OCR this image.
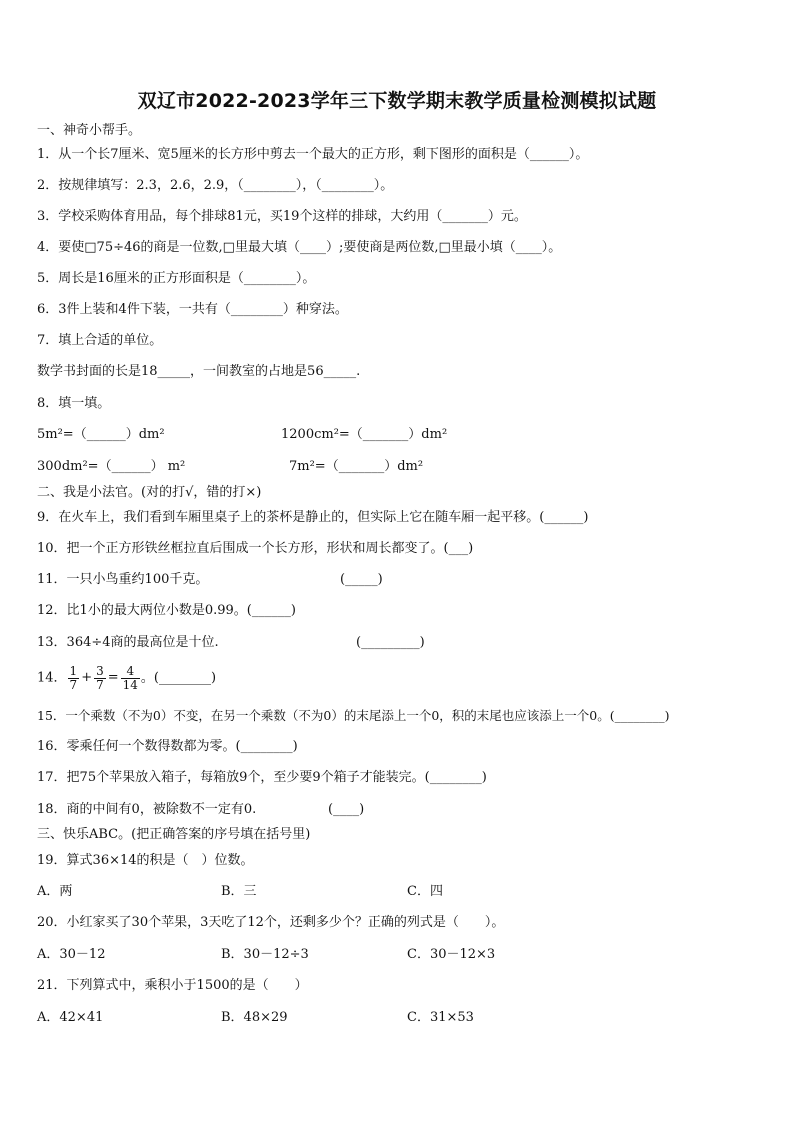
双辽市2022-2023学年三下数学期末教学质量检测模拟试题
一、神奇小帮手。
1．从一个长7厘米、宽5厘米的长方形中剪去一个最大的正方形，剩下图形的面积是（______）。
2．按规律填写：2.3，2.6，2.9，（________），（________）。
3．学校采购体育用品，每个排球81元，买19个这样的排球，大约用（_______）元。
4．要使□75÷46的商是一位数,□里最大填（____）;要使商是两位数,□里最小填（____）。
5．周长是16厘米的正方形面积是（________）。
6．3件上装和4件下装，一共有（________）种穿法。
7．填上合适的单位。
数学书封面的长是18_____，一间教室的占地是56_____.
8．填一填。
5m²=（______）dm²	1200cm²=（_______）dm²
300dm²=（______） m²	7m²=（_______）dm²
二、我是小法官。(对的打√，错的打×)
9．在火车上，我们看到车厢里桌子上的茶杯是静止的，但实际上它在随车厢一起平移。(______)
10．把一个正方形铁丝框拉直后围成一个长方形，形状和周长都变了。(___)
11．一只小鸟重约100千克。	(_____)
12．比1小的最大两位小数是0.99。(______)
13．364÷4商的最高位是十位.	(_________)
14． $\frac{1}{7} + \frac{3}{7} = \frac{4}{14}$ 。(________)
15．一个乘数（不为0）不变，在另一个乘数（不为0）的末尾添上一个0，积的末尾也应该添上一个0。(________)
16．零乘任何一个数得数都为零。(________)
17．把75个苹果放入箱子，每箱放9个，至少要9个箱子才能装完。(________)
18．商的中间有0，被除数不一定有0.	(____)
三、快乐ABC。(把正确答案的序号填在括号里)
19．算式36×14的积是（　）位数。
A．两	B．三	C．四
20．小红家买了30个苹果，3天吃了12个，还剩多少个？正确的列式是（　　）。
A．30－12	B．30－12÷3	C．30－12×3
21．下列算式中，乘积小于1500的是（　　）
A．42×41	B．48×29	C．31×53
